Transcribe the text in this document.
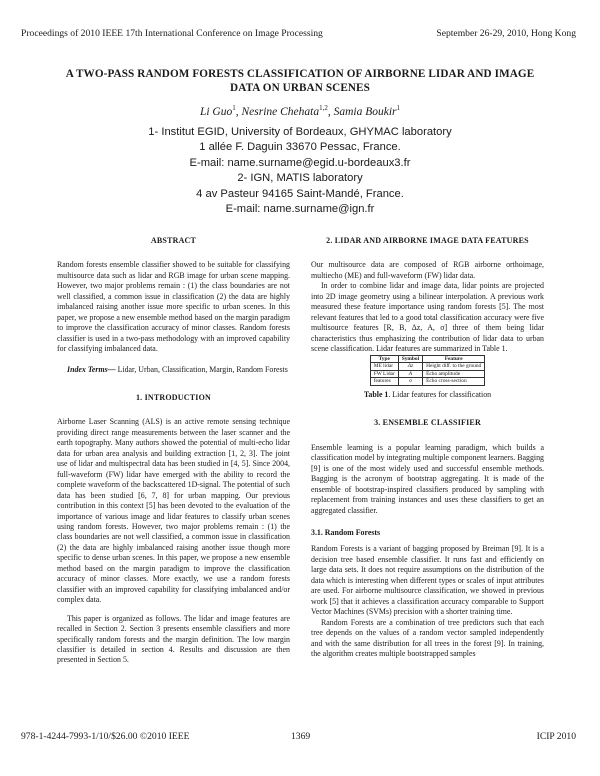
Proceedings of 2010 IEEE 17th International Conference on Image Processing	September 26-29, 2010, Hong Kong
A TWO-PASS RANDOM FORESTS CLASSIFICATION OF AIRBORNE LIDAR AND IMAGE
DATA ON URBAN SCENES
Li Guo$^1$, Nesrine Chehata$^{1,2}$, Samia Boukir$^1$
1- Institut EGID, University of Bordeaux, GHYMAC laboratory
1 allée F. Daguin 33670 Pessac, France.
E-mail: name.surname@egid.u-bordeaux3.fr
2- IGN, MATIS laboratory
4 av Pasteur 94165 Saint-Mandé, France.
E-mail: name.surname@ign.fr
ABSTRACT

Random forests ensemble classifier showed to be suitable for classifying multisource data such as lidar and RGB image for urban scene mapping. However, two major problems remain : (1) the class boundaries are not well classified, a common issue in classification (2) the data are highly imbalanced raising another issue more specific to urban scenes. In this paper, we propose a new ensemble method based on the margin paradigm to improve the classification accuracy of minor classes. Random forests classifier is used in a two-pass methodology with an improved capability for classifying imbalanced data.

Index Terms— Lidar, Urban, Classification, Margin, Random Forests

1. INTRODUCTION

Airborne Laser Scanning (ALS) is an active remote sensing technique providing direct range measurements between the laser scanner and the earth topography. Many authors showed the potential of multi-echo lidar data for urban area analysis and building extraction [1, 2, 3]. The joint use of lidar and multispectral data has been studied in [4, 5]. Since 2004, full-waveform (FW) lidar have emerged with the ability to record the complete waveform of the backscattered 1D-signal. The potential of such data has been studied [6, 7, 8] for urban mapping. Our previous contribution in this context [5] has been devoted to the evaluation of the importance of various image and lidar features to classify urban scenes using random forests. However, two major problems remain : (1) the class boundaries are not well classified, a common issue in classification (2) the data are highly imbalanced raising another issue though more specific to dense urban scenes. In this paper, we propose a new ensemble method based on the margin paradigm to improve the classification accuracy of minor classes. More exactly, we use a random forests classifier with an improved capability for classifying imbalanced and/or complex data.

This paper is organized as follows. The lidar and image features are recalled in Section 2. Section 3 presents ensemble classifiers and more specifically random forests and the margin definition. The low margin classifier is detailed in section 4. Results and discussion are then presented in Section 5.

2. LIDAR AND AIRBORNE IMAGE DATA FEATURES

Our multisource data are composed of RGB airborne orthoimage, multiecho (ME) and full-waveform (FW) lidar data.

In order to combine lidar and image data, lidar points are projected into 2D image geometry using a bilinear interpolation. A previous work measured these feature importance using random forests [5]. The most relevant features that led to a good total classification accuracy were five multisource features [R, B, Δz, A, σ] three of them being lidar characteristics thus emphasizing the contribution of lidar data to urban scene classification. Lidar features are summarized in Table 1.

Type	Symbol	Feature
ME lidar	Δz	Height diff. to the ground
FW Lidar	A	Echo amplitude
features	σ	Echo cross-section
Table 1. Lidar features for classification
3. ENSEMBLE CLASSIFIER

Ensemble learning is a popular learning paradigm, which builds a classification model by integrating multiple component learners. Bagging [9] is one of the most widely used and successful ensemble methods. Bagging is the acronym of bootstrap aggregating. It is made of the ensemble of bootstrap-inspired classifiers produced by sampling with replacement from training instances and uses these classifiers to get an aggregated classifier.

3.1. Random Forests

Random Forests is a variant of bagging proposed by Breiman [9]. It is a decision tree based ensemble classifier. It runs fast and efficiently on large data sets. It does not require assumptions on the distribution of the data which is interesting when different types or scales of input attributes are used. For airborne multisource classification, we showed in previous work [5] that it achieves a classification accuracy comparable to Support Vector Machines (SVMs) precision with a shorter training time.

Random Forests are a combination of tree predictors such that each tree depends on the values of a random vector sampled independently and with the same distribution for all trees in the forest [9]. In training, the algorithm creates multiple bootstrapped samples

978-1-4244-7993-1/10/$26.00 ©2010 IEEE	1369	ICIP 2010
